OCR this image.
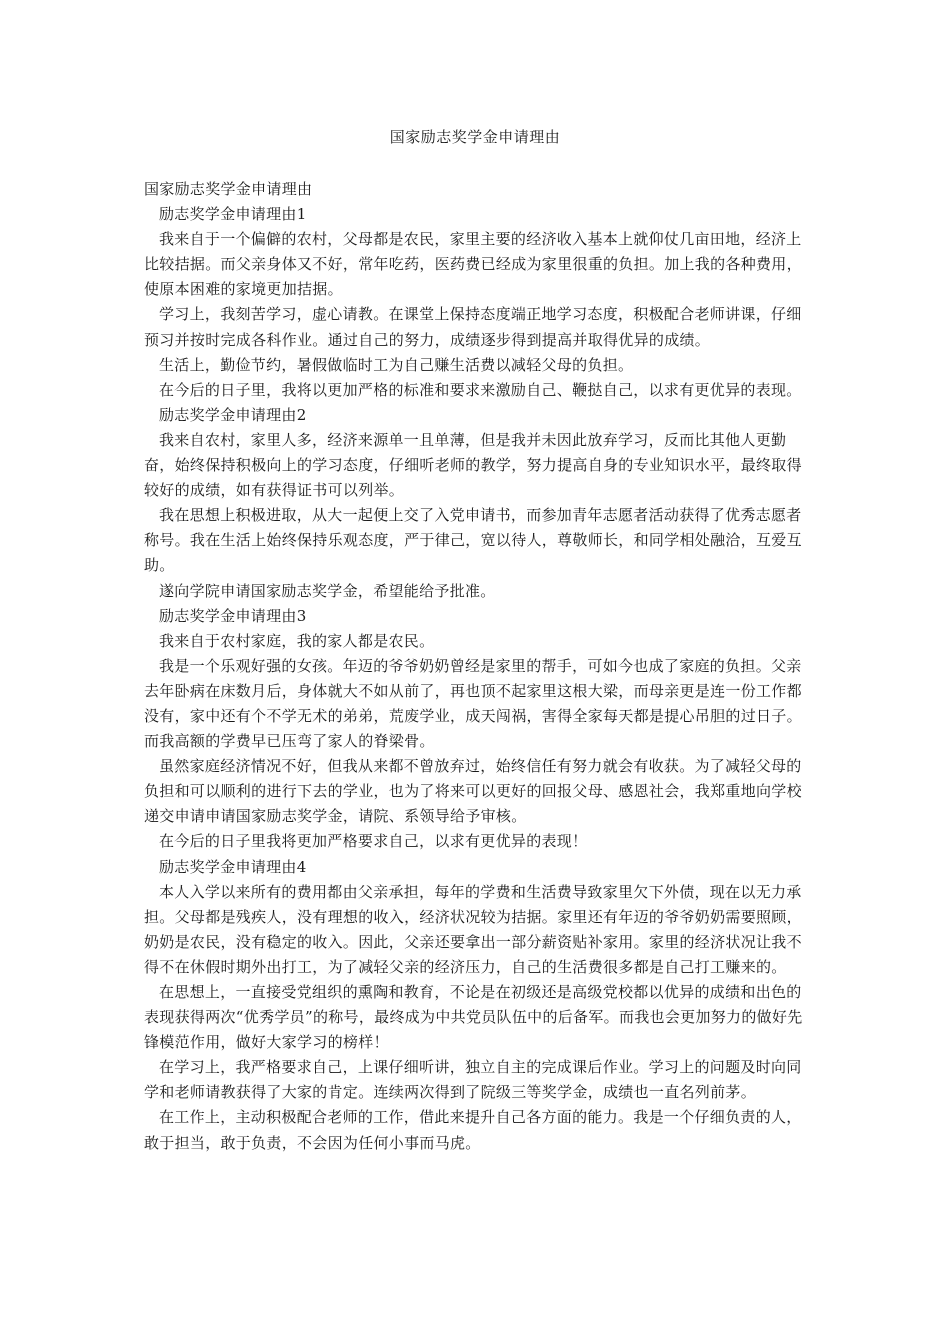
国家励志奖学金申请理由

国家励志奖学金申请理由

励志奖学金申请理由1

我来自于一个偏僻的农村，父母都是农民，家里主要的经济收入基本上就仰仗几亩田地，经济上比较拮据。而父亲身体又不好，常年吃药，医药费已经成为家里很重的负担。加上我的各种费用，使原本困难的家境更加拮据。

学习上，我刻苦学习，虚心请教。在课堂上保持态度端正地学习态度，积极配合老师讲课，仔细预习并按时完成各科作业。通过自己的努力，成绩逐步得到提高并取得优异的成绩。

生活上，勤俭节约，暑假做临时工为自己赚生活费以减轻父母的负担。

在今后的日子里，我将以更加严格的标准和要求来激励自己、鞭挞自己，以求有更优异的表现。

励志奖学金申请理由2

我来自农村，家里人多，经济来源单一且单薄，但是我并未因此放弃学习，反而比其他人更勤奋，始终保持积极向上的学习态度，仔细听老师的教学，努力提高自身的专业知识水平，最终取得较好的成绩，如有获得证书可以列举。

我在思想上积极进取，从大一起便上交了入党申请书，而参加青年志愿者活动获得了优秀志愿者称号。我在生活上始终保持乐观态度，严于律己，宽以待人，尊敬师长，和同学相处融洽，互爱互助。

遂向学院申请国家励志奖学金，希望能给予批准。

励志奖学金申请理由3

我来自于农村家庭，我的家人都是农民。

我是一个乐观好强的女孩。年迈的爷爷奶奶曾经是家里的帮手，可如今也成了家庭的负担。父亲去年卧病在床数月后，身体就大不如从前了，再也顶不起家里这根大梁，而母亲更是连一份工作都没有，家中还有个不学无术的弟弟，荒废学业，成天闯祸，害得全家每天都是提心吊胆的过日子。而我高额的学费早已压弯了家人的脊梁骨。

虽然家庭经济情况不好，但我从来都不曾放弃过，始终信任有努力就会有收获。为了减轻父母的负担和可以顺利的进行下去的学业，也为了将来可以更好的回报父母、感恩社会，我郑重地向学校递交申请申请国家励志奖学金，请院、系领导给予审核。

在今后的日子里我将更加严格要求自己，以求有更优异的表现！

励志奖学金申请理由4

本人入学以来所有的费用都由父亲承担，每年的学费和生活费导致家里欠下外债，现在以无力承担。父母都是残疾人，没有理想的收入，经济状况较为拮据。家里还有年迈的爷爷奶奶需要照顾，奶奶是农民，没有稳定的收入。因此，父亲还要拿出一部分薪资贴补家用。家里的经济状况让我不得不在休假时期外出打工，为了减轻父亲的经济压力，自己的生活费很多都是自己打工赚来的。

在思想上，一直接受党组织的熏陶和教育，不论是在初级还是高级党校都以优异的成绩和出色的表现获得两次“优秀学员”的称号，最终成为中共党员队伍中的后备军。而我也会更加努力的做好先锋模范作用，做好大家学习的榜样！

在学习上，我严格要求自己，上课仔细听讲，独立自主的完成课后作业。学习上的问题及时向同学和老师请教获得了大家的肯定。连续两次得到了院级三等奖学金，成绩也一直名列前茅。

在工作上，主动积极配合老师的工作，借此来提升自己各方面的能力。我是一个仔细负责的人，敢于担当，敢于负责，不会因为任何小事而马虎。
